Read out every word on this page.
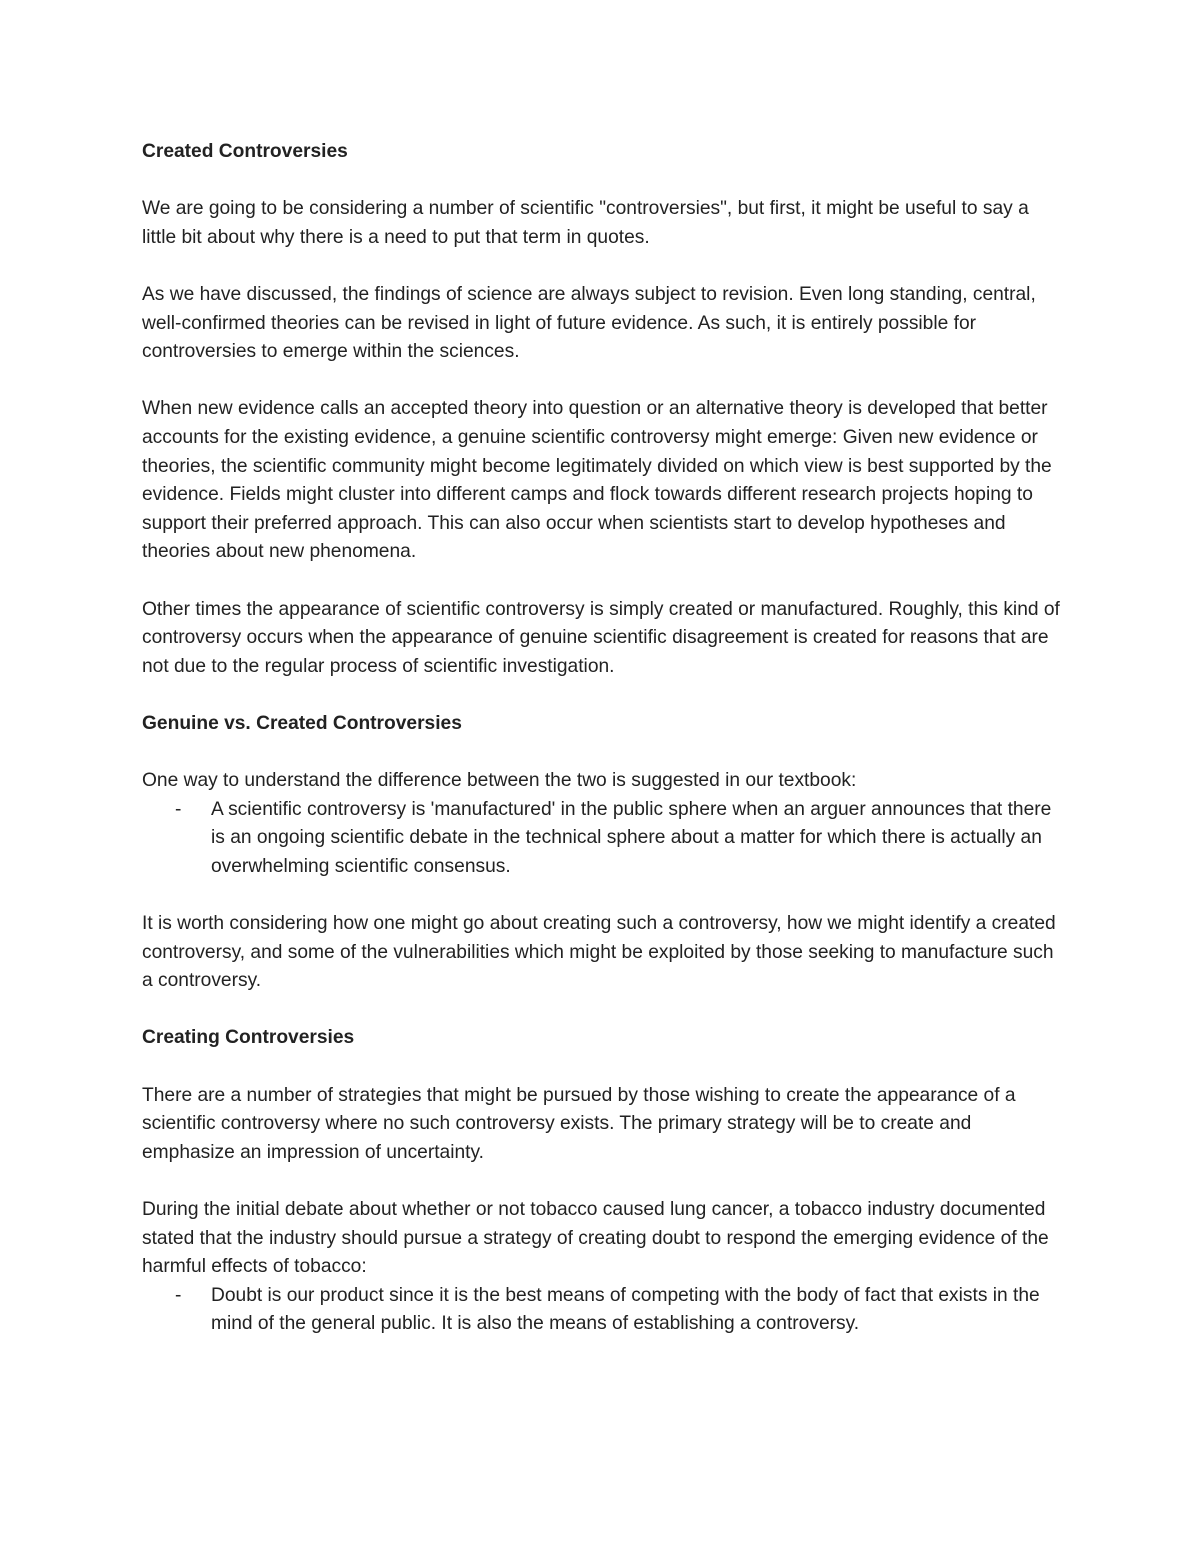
Created Controversies
We are going to be considering a number of scientific "controversies", but first, it might be useful to say a little bit about why there is a need to put that term in quotes.
As we have discussed, the findings of science are always subject to revision. Even long standing, central, well-confirmed theories can be revised in light of future evidence. As such, it is entirely possible for controversies to emerge within the sciences.
When new evidence calls an accepted theory into question or an alternative theory is developed that better accounts for the existing evidence, a genuine scientific controversy might emerge: Given new evidence or theories, the scientific community might become legitimately divided on which view is best supported by the evidence. Fields might cluster into different camps and flock towards different research projects hoping to support their preferred approach. This can also occur when scientists start to develop hypotheses and theories about new phenomena.
Other times the appearance of scientific controversy is simply created or manufactured. Roughly, this kind of controversy occurs when the appearance of genuine scientific disagreement is created for reasons that are not due to the regular process of scientific investigation.
Genuine vs. Created Controversies
One way to understand the difference between the two is suggested in our textbook:
- A scientific controversy is 'manufactured' in the public sphere when an arguer announces that there is an ongoing scientific debate in the technical sphere about a matter for which there is actually an overwhelming scientific consensus.
It is worth considering how one might go about creating such a controversy, how we might identify a created controversy, and some of the vulnerabilities which might be exploited by those seeking to manufacture such a controversy.
Creating Controversies
There are a number of strategies that might be pursued by those wishing to create the appearance of a scientific controversy where no such controversy exists. The primary strategy will be to create and emphasize an impression of uncertainty.
During the initial debate about whether or not tobacco caused lung cancer, a tobacco industry documented stated that the industry should pursue a strategy of creating doubt to respond the emerging evidence of the harmful effects of tobacco:
- Doubt is our product since it is the best means of competing with the body of fact that exists in the mind of the general public. It is also the means of establishing a controversy.
